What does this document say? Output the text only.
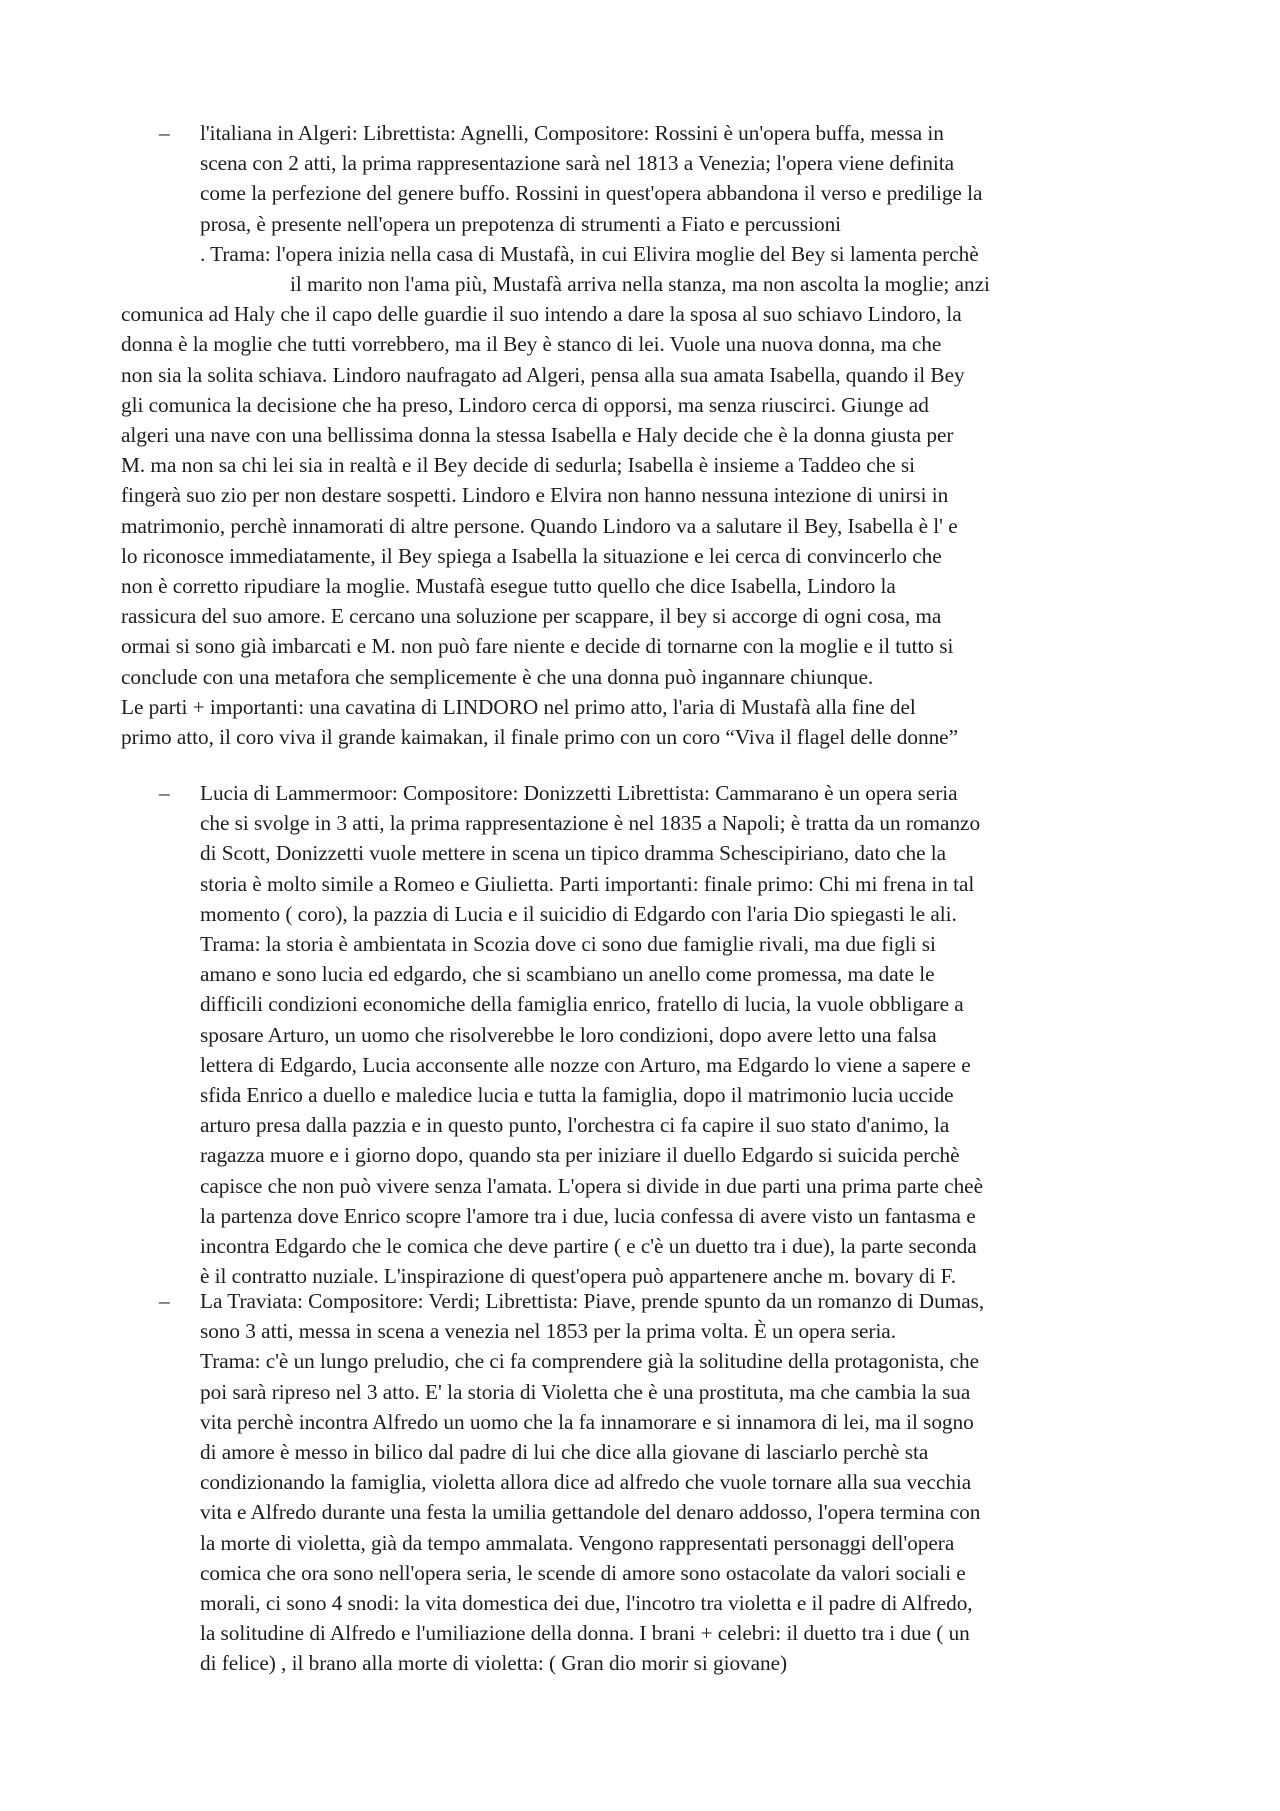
– l'italiana in Algeri: Librettista: Agnelli, Compositore: Rossini è un'opera buffa, messa in
scena con 2 atti, la prima rappresentazione sarà nel 1813 a Venezia; l'opera viene definita
come la perfezione del genere buffo. Rossini in quest'opera abbandona il verso e predilige la
prosa, è presente nell'opera un prepotenza di strumenti a Fiato e percussioni
. Trama: l'opera inizia nella casa di Mustafà, in cui Elivira moglie del Bey si lamenta perchè
il marito non l'ama più, Mustafà arriva nella stanza, ma non ascolta la moglie; anzi
comunica ad Haly che il capo delle guardie il suo intendo a dare la sposa al suo schiavo Lindoro, la
donna è la moglie che tutti vorrebbero, ma il Bey è stanco di lei. Vuole una nuova donna, ma che
non sia la solita schiava. Lindoro naufragato ad Algeri, pensa alla sua amata Isabella, quando il Bey
gli comunica la decisione che ha preso, Lindoro cerca di opporsi, ma senza riuscirci. Giunge ad
algeri una nave con una bellissima donna la stessa Isabella e Haly decide che è la donna giusta per
M. ma non sa chi lei sia in realtà e il Bey decide di sedurla; Isabella è insieme a Taddeo che si
fingerà suo zio per non destare sospetti. Lindoro e Elvira non hanno nessuna intezione di unirsi in
matrimonio, perchè innamorati di altre persone. Quando Lindoro va a salutare il Bey, Isabella è l' e
lo riconosce immediatamente, il Bey spiega a Isabella la situazione e lei cerca di convincerlo che
non è corretto ripudiare la moglie. Mustafà esegue tutto quello che dice Isabella, Lindoro la
rassicura del suo amore. E cercano una soluzione per scappare, il bey si accorge di ogni cosa, ma
ormai si sono già imbarcati e M. non può fare niente e decide di tornarne con la moglie e il tutto si
conclude con una metafora che semplicemente è che una donna può ingannare chiunque.
Le parti + importanti: una cavatina di LINDORO nel primo atto, l'aria di Mustafà alla fine del
primo atto, il coro viva il grande kaimakan, il finale primo con un coro “Viva il flagel delle donne”
– Lucia di Lammermoor: Compositore: Donizzetti Librettista: Cammarano è un opera seria
che si svolge in 3 atti, la prima rappresentazione è nel 1835 a Napoli; è tratta da un romanzo
di Scott, Donizzetti vuole mettere in scena un tipico dramma Schescipiriano, dato che la
storia è molto simile a Romeo e Giulietta. Parti importanti: finale primo: Chi mi frena in tal
momento ( coro), la pazzia di Lucia e il suicidio di Edgardo con l'aria Dio spiegasti le ali.
Trama: la storia è ambientata in Scozia dove ci sono due famiglie rivali, ma due figli si
amano e sono lucia ed edgardo, che si scambiano un anello come promessa, ma date le
difficili condizioni economiche della famiglia enrico, fratello di lucia, la vuole obbligare a
sposare Arturo, un uomo che risolverebbe le loro condizioni, dopo avere letto una falsa
lettera di Edgardo, Lucia acconsente alle nozze con Arturo, ma Edgardo lo viene a sapere e
sfida Enrico a duello e maledice lucia e tutta la famiglia, dopo il matrimonio lucia uccide
arturo presa dalla pazzia e in questo punto, l'orchestra ci fa capire il suo stato d'animo, la
ragazza muore e i giorno dopo, quando sta per iniziare il duello Edgardo si suicida perchè
capisce che non può vivere senza l'amata. L'opera si divide in due parti una prima parte cheè
la partenza dove Enrico scopre l'amore tra i due, lucia confessa di avere visto un fantasma e
incontra Edgardo che le comica che deve partire ( e c'è un duetto tra i due), la parte seconda
è il contratto nuziale. L'inspirazione di quest'opera può appartenere anche m. bovary di F.
– La Traviata: Compositore: Verdi; Librettista: Piave, prende spunto da un romanzo di Dumas,
sono 3 atti, messa in scena a venezia nel 1853 per la prima volta. È un opera seria.
Trama: c'è un lungo preludio, che ci fa comprendere già la solitudine della protagonista, che
poi sarà ripreso nel 3 atto. E' la storia di Violetta che è una prostituta, ma che cambia la sua
vita perchè incontra Alfredo un uomo che la fa innamorare e si innamora di lei, ma il sogno
di amore è messo in bilico dal padre di lui che dice alla giovane di lasciarlo perchè sta
condizionando la famiglia, violetta allora dice ad alfredo che vuole tornare alla sua vecchia
vita e Alfredo durante una festa la umilia gettandole del denaro addosso, l'opera termina con
la morte di violetta, già da tempo ammalata. Vengono rappresentati personaggi dell'opera
comica che ora sono nell'opera seria, le scende di amore sono ostacolate da valori sociali e
morali, ci sono 4 snodi: la vita domestica dei due, l'incotro tra violetta e il padre di Alfredo,
la solitudine di Alfredo e l'umiliazione della donna. I brani + celebri: il duetto tra i due ( un
di felice) , il brano alla morte di violetta: ( Gran dio morir si giovane)
